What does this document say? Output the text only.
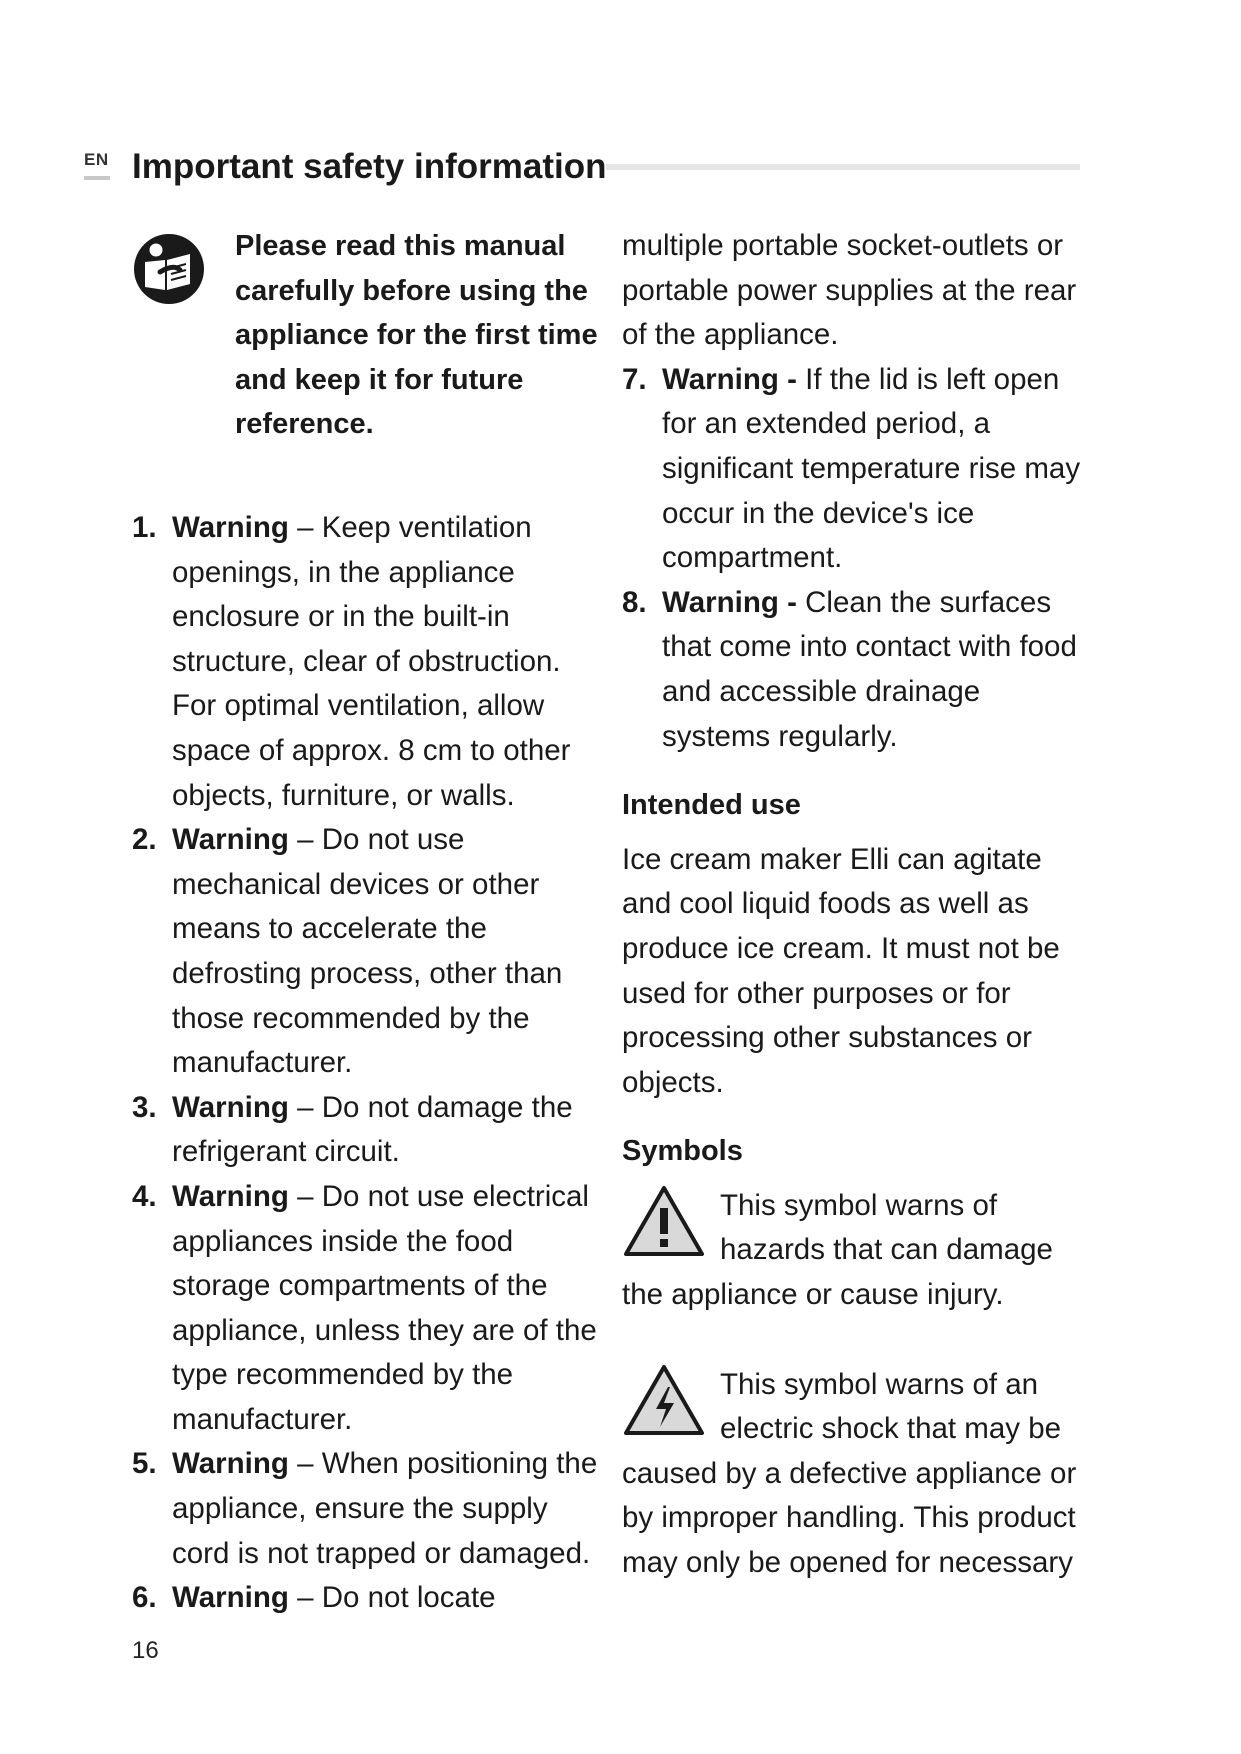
EN Important safety information
Please read this manual carefully before using the appliance for the first time and keep it for future reference.
1. Warning – Keep ventilation openings, in the appliance enclosure or in the built-in structure, clear of obstruction. For optimal ventilation, allow space of approx. 8 cm to other objects, furniture, or walls.
2. Warning – Do not use mechanical devices or other means to accelerate the defrosting process, other than those recommended by the manufacturer.
3. Warning – Do not damage the refrigerant circuit.
4. Warning – Do not use electrical appliances inside the food storage compartments of the appliance, unless they are of the type recommended by the manufacturer.
5. Warning – When positioning the appliance, ensure the supply cord is not trapped or damaged.
6. Warning – Do not locate

multiple portable socket-outlets or portable power supplies at the rear of the appliance.

7. Warning - If the lid is left open for an extended period, a significant temperature rise may occur in the device's ice compartment.
8. Warning - Clean the surfaces that come into contact with food and accessible drainage systems regularly.
Intended use

Ice cream maker Elli can agitate and cool liquid foods as well as produce ice cream. It must not be used for other purposes or for processing other substances or objects.

Symbols
This symbol warns of hazards that can damage the appliance or cause injury.
This symbol warns of an electric shock that may be caused by a defective appliance or by improper handling. This product may only be opened for necessary
16
